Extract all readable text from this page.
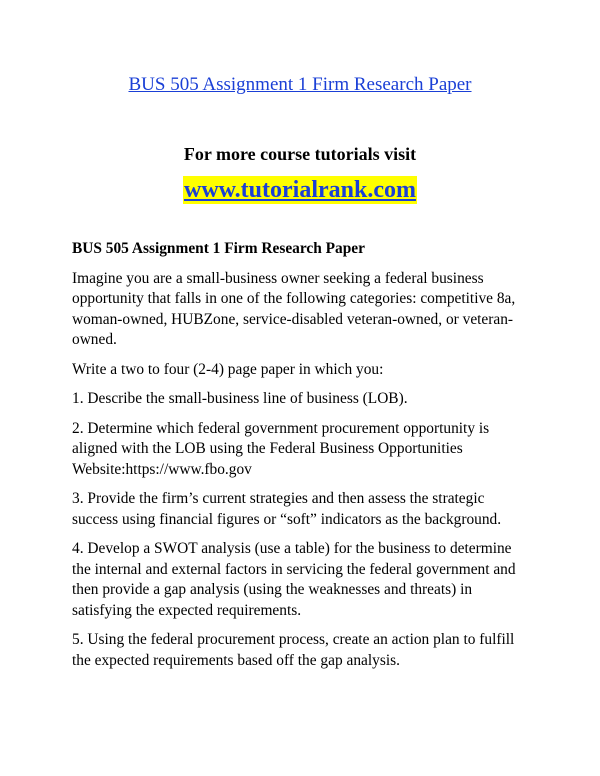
BUS 505 Assignment 1 Firm Research Paper
For more course tutorials visit
www.tutorialrank.com

BUS 505 Assignment 1 Firm Research Paper

Imagine you are a small-business owner seeking a federal business opportunity that falls in one of the following categories: competitive 8a, woman-owned, HUBZone, service-disabled veteran-owned, or veteran-owned.

Write a two to four (2-4) page paper in which you:

1. Describe the small-business line of business (LOB).

2. Determine which federal government procurement opportunity is aligned with the LOB using the Federal Business Opportunities Website:https://www.fbo.gov

3. Provide the firm’s current strategies and then assess the strategic success using financial figures or “soft” indicators as the background.

4. Develop a SWOT analysis (use a table) for the business to determine the internal and external factors in servicing the federal government and then provide a gap analysis (using the weaknesses and threats) in satisfying the expected requirements.

5. Using the federal procurement process, create an action plan to fulfill the expected requirements based off the gap analysis.
